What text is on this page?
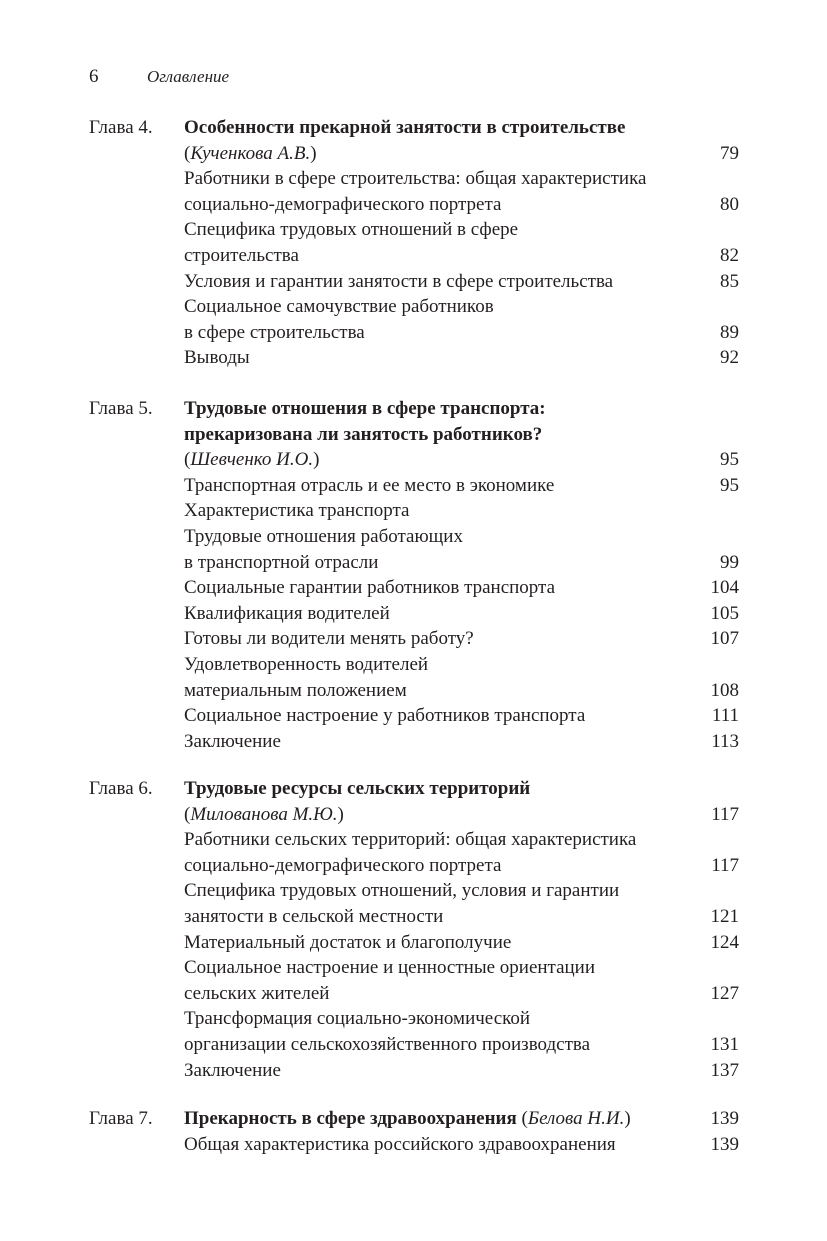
6	Оглавление
Глава 4. Особенности прекарной занятости в строительстве
(Кученкова А.В.)	79
Работники в сфере строительства: общая характеристика
социально-демографического портрета	80
Специфика трудовых отношений в сфере
строительства	82
Условия и гарантии занятости в сфере строительства	85
Социальное самочувствие работников
в сфере строительства	89
Выводы	92
Глава 5. Трудовые отношения в сфере транспорта:
прекаризована ли занятость работников?
(Шевченко И.О.)	95
Транспортная отрасль и ее место в экономике	95
Характеристика транспорта
Трудовые отношения работающих
в транспортной отрасли	99
Социальные гарантии работников транспорта	104
Квалификация водителей	105
Готовы ли водители менять работу?	107
Удовлетворенность водителей
материальным положением	108
Социальное настроение у работников транспорта	111
Заключение	113
Глава 6. Трудовые ресурсы сельских территорий
(Милованова М.Ю.)	117
Работники сельских территорий: общая характеристика
социально-демографического портрета	117
Специфика трудовых отношений, условия и гарантии
занятости в сельской местности	121
Материальный достаток и благополучие	124
Социальное настроение и ценностные ориентации
сельских жителей	127
Трансформация социально-экономической
организации сельскохозяйственного производства	131
Заключение	137
Глава 7. Прекарность в сфере здравоохранения (Белова Н.И.)	139
Общая характеристика российского здравоохранения	139
